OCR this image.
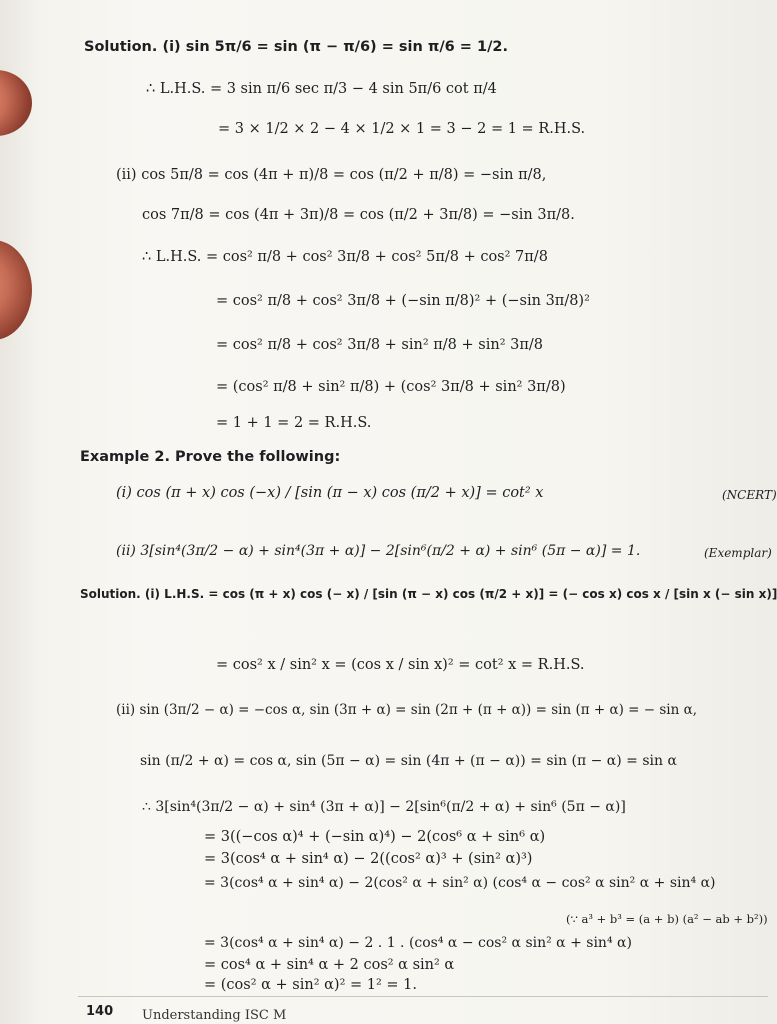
Solution. (i) sin 5π/6 = sin (π − π/6) = sin π/6 = 1/2.
∴ L.H.S. = 3 sin π/6 sec π/3 − 4 sin 5π/6 cot π/4
= 3 × 1/2 × 2 − 4 × 1/2 × 1 = 3 − 2 = 1 = R.H.S.
(ii) cos 5π/8 = cos (4π + π)/8 = cos (π/2 + π/8) = −sin π/8,
cos 7π/8 = cos (4π + 3π)/8 = cos (π/2 + 3π/8) = −sin 3π/8.
∴ L.H.S. = cos² π/8 + cos² 3π/8 + cos² 5π/8 + cos² 7π/8
= cos² π/8 + cos² 3π/8 + (−sin π/8)² + (−sin 3π/8)²
= cos² π/8 + cos² 3π/8 + sin² π/8 + sin² 3π/8
= (cos² π/8 + sin² π/8) + (cos² 3π/8 + sin² 3π/8)
= 1 + 1 = 2 = R.H.S.
Example 2. Prove the following:
(i) cos (π + x) cos (−x) / [sin (π − x) cos (π/2 + x)] = cot² x	(NCERT)
(ii) 3[sin⁴(3π/2 − α) + sin⁴(3π + α)] − 2[sin⁶(π/2 + α) + sin⁶ (5π − α)] = 1.	(Exemplar)
Solution. (i) L.H.S. = cos (π + x) cos (− x) / [sin (π − x) cos (π/2 + x)] = (− cos x) cos x / [sin x (− sin x)]
= cos² x / sin² x = (cos x / sin x)² = cot² x = R.H.S.
(ii) sin (3π/2 − α) = −cos α, sin (3π + α) = sin (2π + (π + α)) = sin (π + α) = − sin α,
sin (π/2 + α) = cos α, sin (5π − α) = sin (4π + (π − α)) = sin (π − α) = sin α
∴ 3[sin⁴(3π/2 − α) + sin⁴ (3π + α)] − 2[sin⁶(π/2 + α) + sin⁶ (5π − α)]
= 3((−cos α)⁴ + (−sin α)⁴) − 2(cos⁶ α + sin⁶ α)
= 3(cos⁴ α + sin⁴ α) − 2((cos² α)³ + (sin² α)³)
= 3(cos⁴ α + sin⁴ α) − 2(cos² α + sin² α) (cos⁴ α − cos² α sin² α + sin⁴ α)
(∵ a³ + b³ = (a + b) (a² − ab + b²))
= 3(cos⁴ α + sin⁴ α) − 2 . 1 . (cos⁴ α − cos² α sin² α + sin⁴ α)
= cos⁴ α + sin⁴ α + 2 cos² α sin² α
= (cos² α + sin² α)² = 1² = 1.
140 Understanding ISC M
